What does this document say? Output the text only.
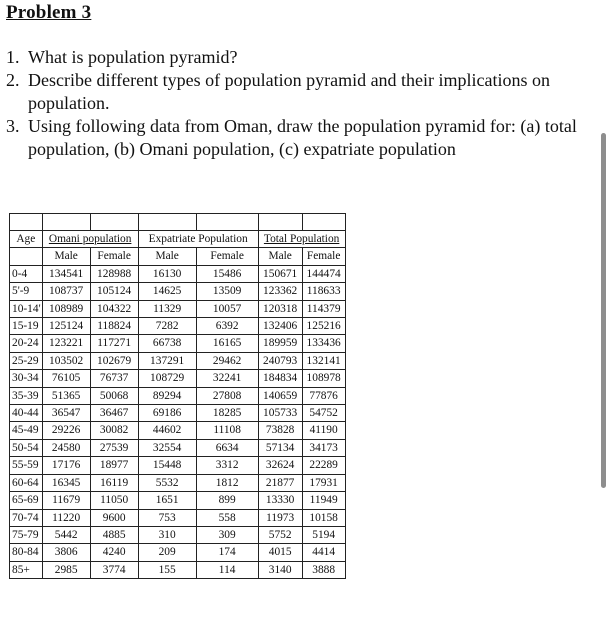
Problem 3
1. What is population pyramid?
2. Describe different types of population pyramid and their implications on population.
3. Using following data from Oman, draw the population pyramid for: (a) total population, (b) Omani population, (c) expatriate population

Age	Omani population		Expatriate Population		Total Population	
	Male	Female	Male	Female	Male	Female
0-4	134541	128988	16130	15486	150671	144474
5'-9	108737	105124	14625	13509	123362	118633
10-14'	108989	104322	11329	10057	120318	114379
15-19	125124	118824	7282	6392	132406	125216
20-24	123221	117271	66738	16165	189959	133436
25-29	103502	102679	137291	29462	240793	132141
30-34	76105	76737	108729	32241	184834	108978
35-39	51365	50068	89294	27808	140659	77876
40-44	36547	36467	69186	18285	105733	54752
45-49	29226	30082	44602	11108	73828	41190
50-54	24580	27539	32554	6634	57134	34173
55-59	17176	18977	15448	3312	32624	22289
60-64	16345	16119	5532	1812	21877	17931
65-69	11679	11050	1651	899	13330	11949
70-74	11220	9600	753	558	11973	10158
75-79	5442	4885	310	309	5752	5194
80-84	3806	4240	209	174	4015	4414
85+	2985	3774	155	114	3140	3888
